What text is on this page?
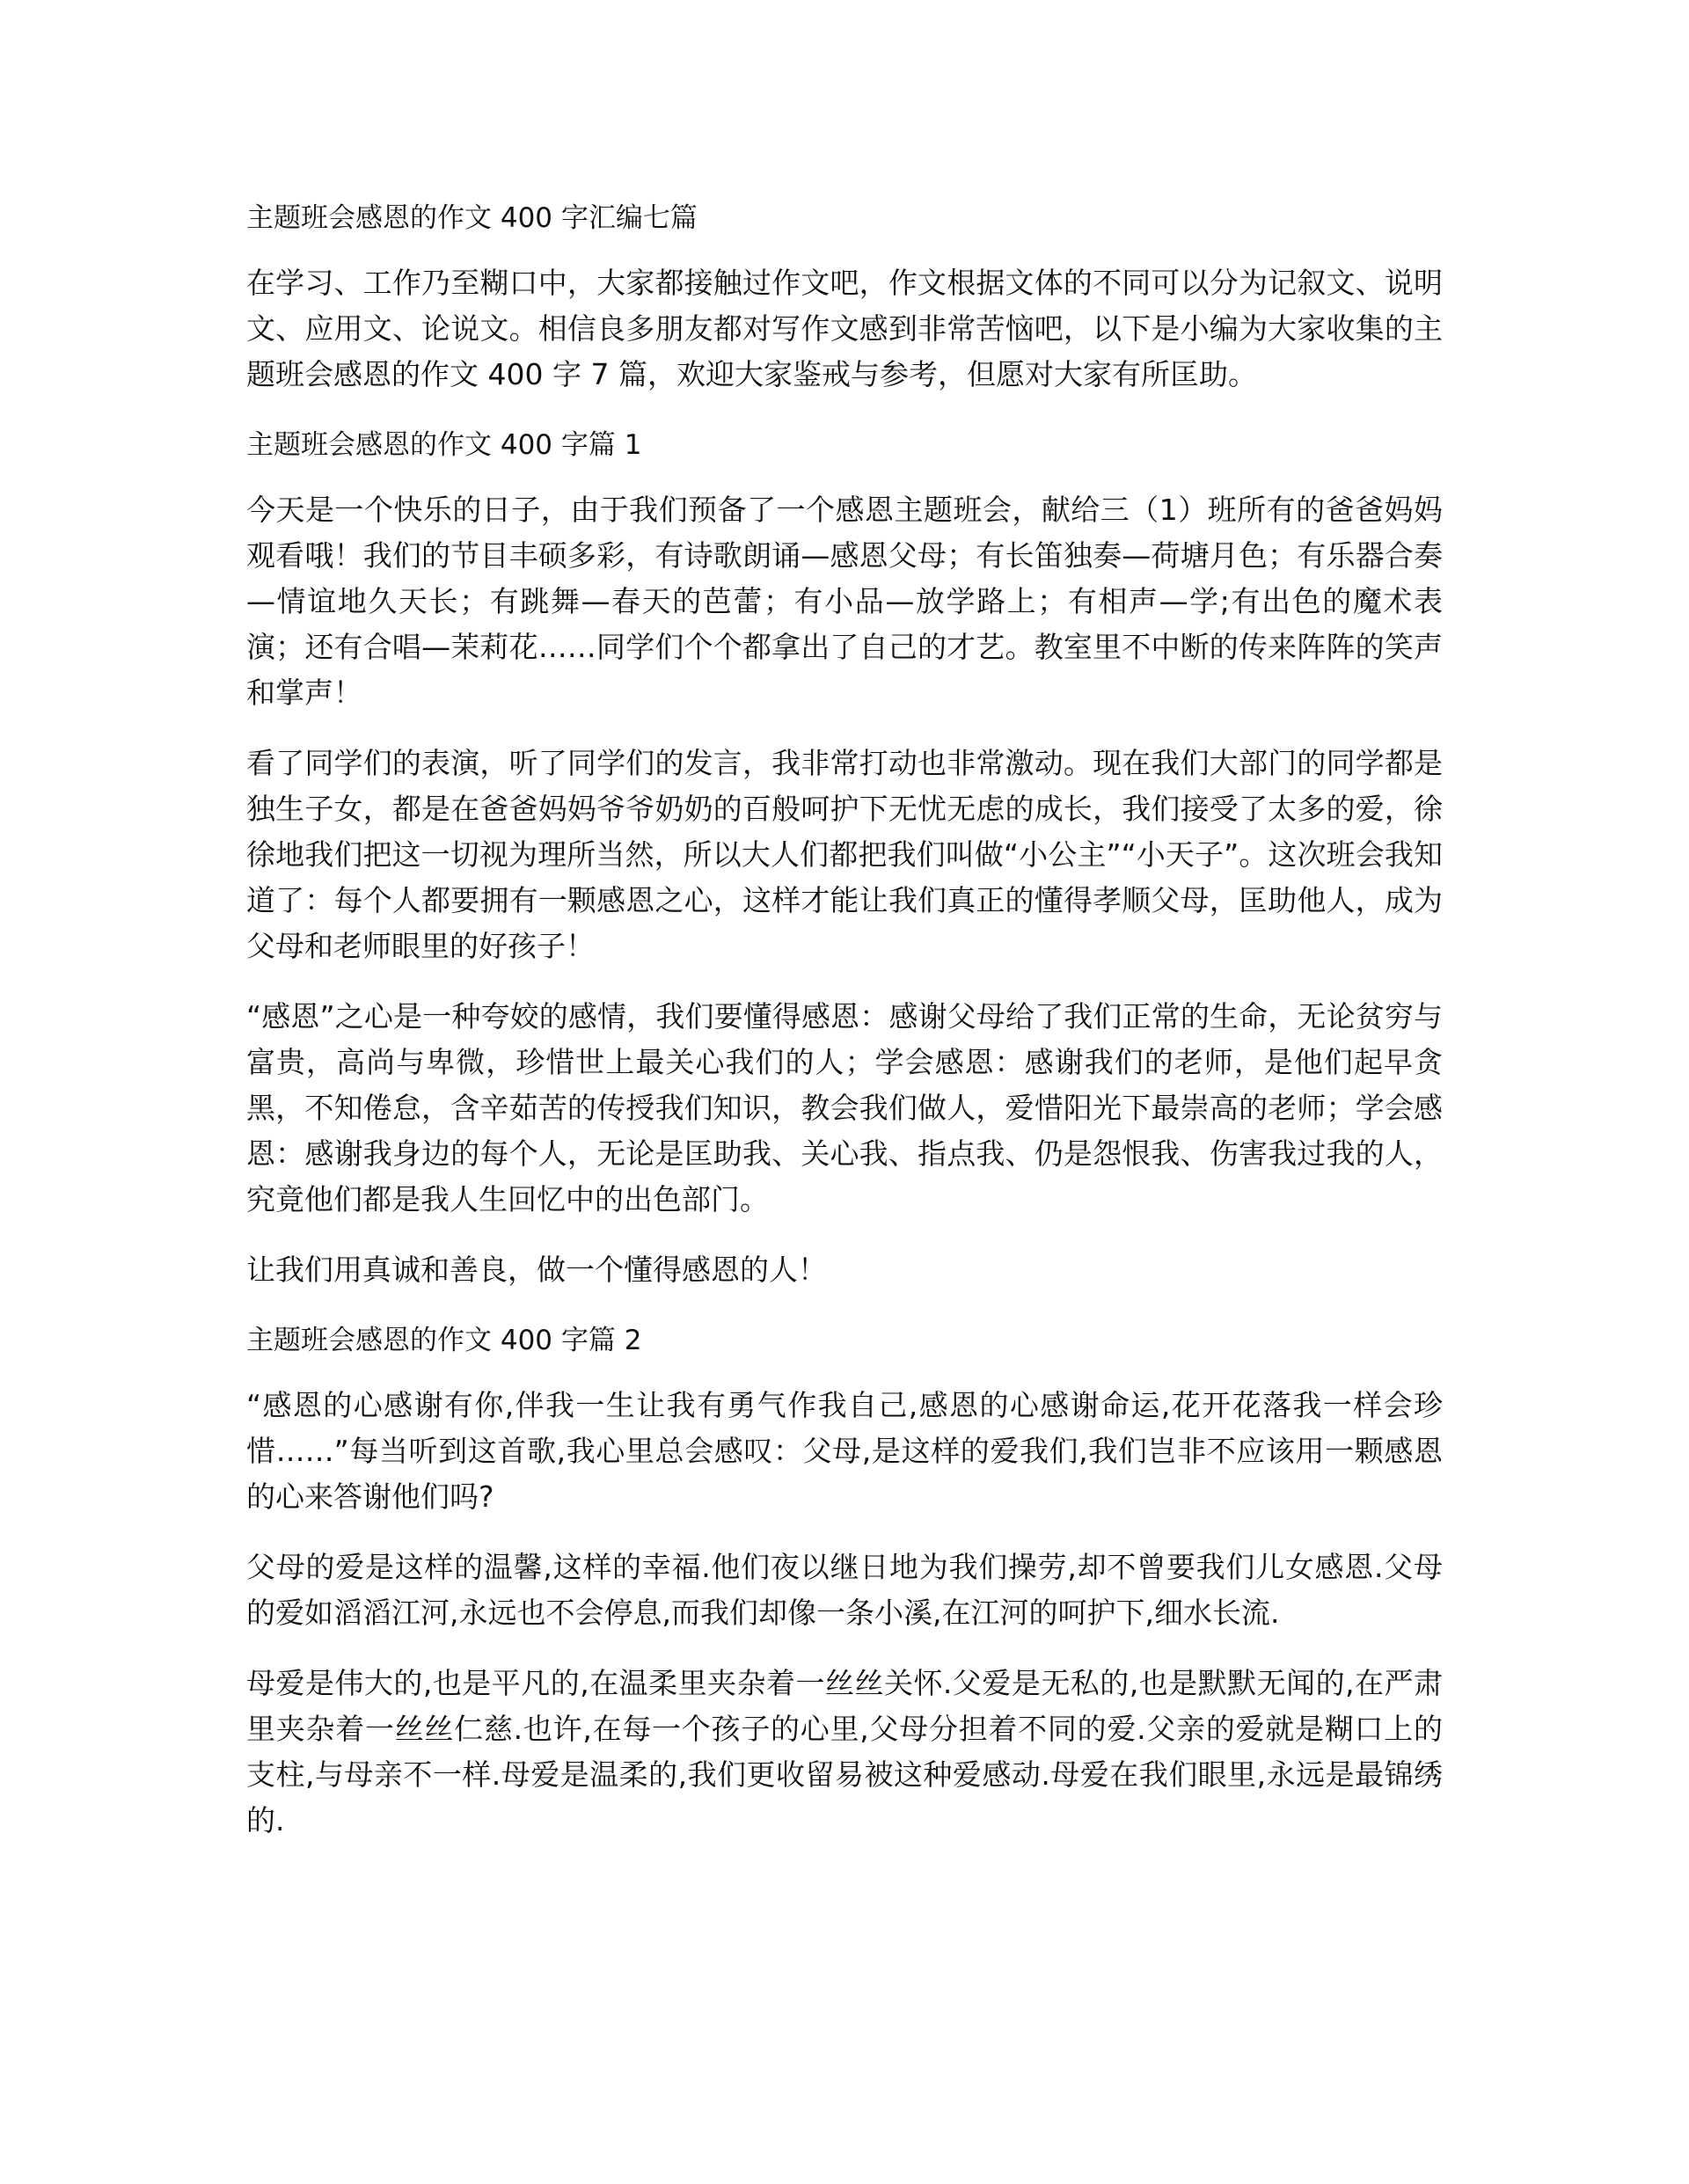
主题班会感恩的作文 400 字汇编七篇

在学习、工作乃至糊口中，大家都接触过作文吧，作文根据文体的不同可以分为记叙文、说明文、应用文、论说文。相信良多朋友都对写作文感到非常苦恼吧，以下是小编为大家收集的主题班会感恩的作文 400 字 7 篇，欢迎大家鉴戒与参考，但愿对大家有所匡助。

主题班会感恩的作文 400 字篇 1

今天是一个快乐的日子，由于我们预备了一个感恩主题班会，献给三（1）班所有的爸爸妈妈观看哦！我们的节目丰硕多彩，有诗歌朗诵—感恩父母；有长笛独奏—荷塘月色；有乐器合奏—情谊地久天长；有跳舞—春天的芭蕾；有小品—放学路上；有相声—学;有出色的魔术表演；还有合唱—茉莉花……同学们个个都拿出了自己的才艺。教室里不中断的传来阵阵的笑声和掌声！

看了同学们的表演，听了同学们的发言，我非常打动也非常激动。现在我们大部门的同学都是独生子女，都是在爸爸妈妈爷爷奶奶的百般呵护下无忧无虑的成长，我们接受了太多的爱，徐徐地我们把这一切视为理所当然，所以大人们都把我们叫做“小公主”“小天子”。这次班会我知道了：每个人都要拥有一颗感恩之心，这样才能让我们真正的懂得孝顺父母，匡助他人，成为父母和老师眼里的好孩子！

“感恩”之心是一种夸姣的感情，我们要懂得感恩：感谢父母给了我们正常的生命，无论贫穷与富贵，高尚与卑微，珍惜世上最关心我们的人；学会感恩：感谢我们的老师，是他们起早贪黑，不知倦怠，含辛茹苦的传授我们知识，教会我们做人，爱惜阳光下最崇高的老师；学会感恩：感谢我身边的每个人，无论是匡助我、关心我、指点我、仍是怨恨我、伤害我过我的人，究竟他们都是我人生回忆中的出色部门。

让我们用真诚和善良，做一个懂得感恩的人！

主题班会感恩的作文 400 字篇 2

“感恩的心感谢有你,伴我一生让我有勇气作我自己,感恩的心感谢命运,花开花落我一样会珍惜……”每当听到这首歌,我心里总会感叹：父母,是这样的爱我们,我们岂非不应该用一颗感恩的心来答谢他们吗?

父母的爱是这样的温馨,这样的幸福.他们夜以继日地为我们操劳,却不曾要我们儿女感恩.父母的爱如滔滔江河,永远也不会停息,而我们却像一条小溪,在江河的呵护下,细水长流.

母爱是伟大的,也是平凡的,在温柔里夹杂着一丝丝关怀.父爱是无私的,也是默默无闻的,在严肃里夹杂着一丝丝仁慈.也许,在每一个孩子的心里,父母分担着不同的爱.父亲的爱就是糊口上的支柱,与母亲不一样.母爱是温柔的,我们更收留易被这种爱感动.母爱在我们眼里,永远是最锦绣的.
